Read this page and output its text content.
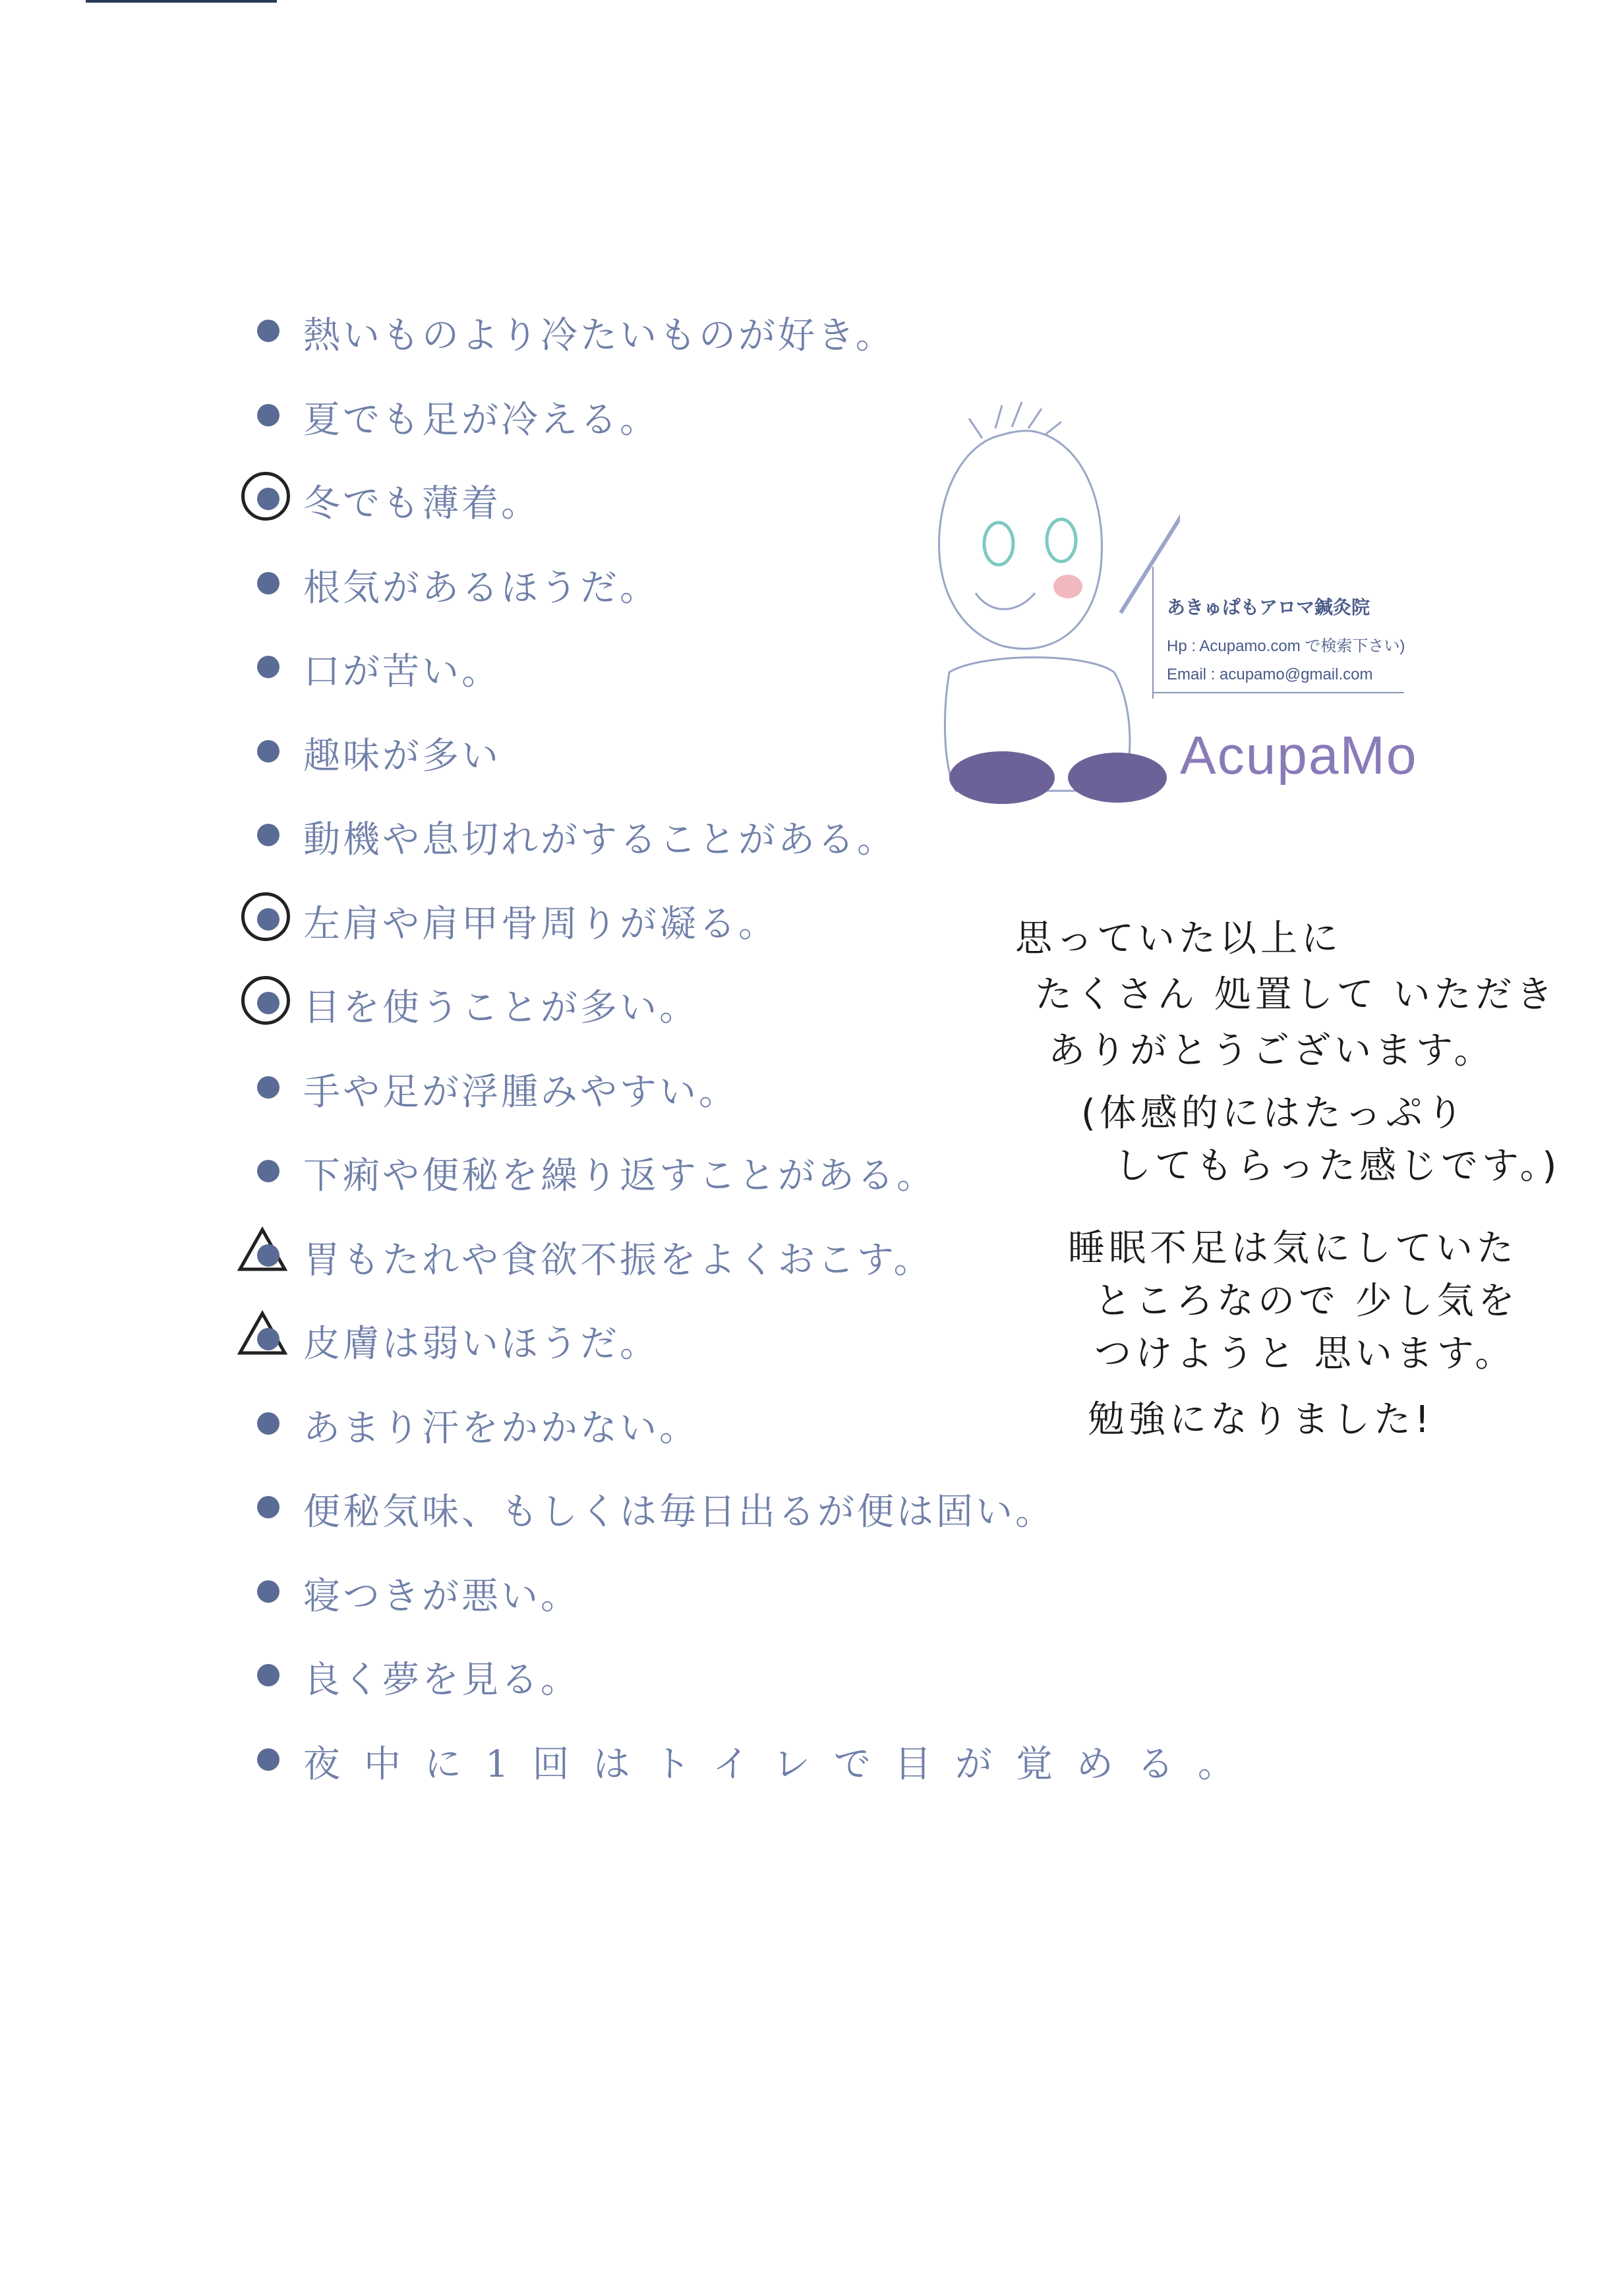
熱いものより冷たいものが好き。
夏でも足が冷える。
冬でも薄着。
根気があるほうだ。
口が苦い。
趣味が多い
動機や息切れがすることがある。
左肩や肩甲骨周りが凝る。
目を使うことが多い。
手や足が浮腫みやすい。
下痢や便秘を繰り返すことがある。
胃もたれや食欲不振をよくおこす。
皮膚は弱いほうだ。
あまり汗をかかない。
便秘気味、もしくは毎日出るが便は固い。
寝つきが悪い。
良く夢を見る。
夜中に1回はトイレで目が覚める。
あきゅぱもアロマ鍼灸院
Hp : Acupamo.com で検索下さい)
Email : acupamo@gmail.com
AcupaMo
思っていた以上に
たくさん 処置して いただき
ありがとうございます。
(体感的にはたっぷり
してもらった感じです。)
睡眠不足は気にしていた
ところなので 少し気を
つけようと 思います。
勉強になりました!
